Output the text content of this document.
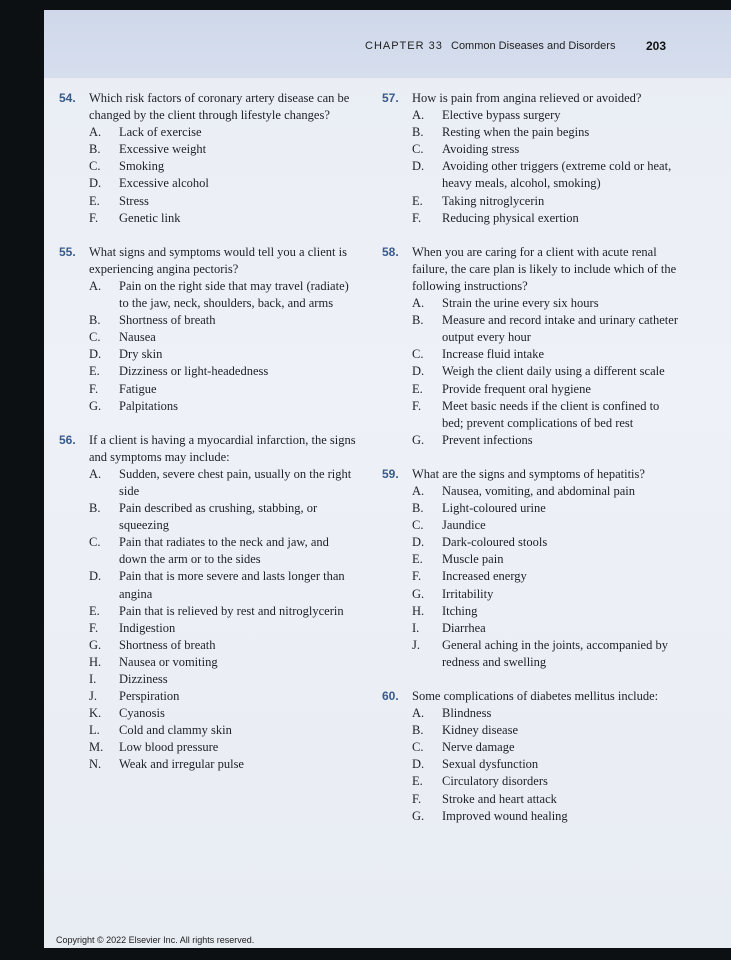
CHAPTER 33 Common Diseases and Disorders	203
54.	Which risk factors of coronary artery disease can be changed by the client through lifestyle changes?
A.	Lack of exercise
B.	Excessive weight
C.	Smoking
D.	Excessive alcohol
E.	Stress
F.	Genetic link
55.	What signs and symptoms would tell you a client is experiencing angina pectoris?
A.	Pain on the right side that may travel (radiate) to the jaw, neck, shoulders, back, and arms
B.	Shortness of breath
C.	Nausea
D.	Dry skin
E.	Dizziness or light-headedness
F.	Fatigue
G.	Palpitations
56.	If a client is having a myocardial infarction, the signs and symptoms may include:
A.	Sudden, severe chest pain, usually on the right side
B.	Pain described as crushing, stabbing, or squeezing
C.	Pain that radiates to the neck and jaw, and down the arm or to the sides
D.	Pain that is more severe and lasts longer than angina
E.	Pain that is relieved by rest and nitroglycerin
F.	Indigestion
G.	Shortness of breath
H.	Nausea or vomiting
I.	Dizziness
J.	Perspiration
K.	Cyanosis
L.	Cold and clammy skin
M.	Low blood pressure
N.	Weak and irregular pulse
57.	How is pain from angina relieved or avoided?
A.	Elective bypass surgery
B.	Resting when the pain begins
C.	Avoiding stress
D.	Avoiding other triggers (extreme cold or heat, heavy meals, alcohol, smoking)
E.	Taking nitroglycerin
F.	Reducing physical exertion
58.	When you are caring for a client with acute renal failure, the care plan is likely to include which of the following instructions?
A.	Strain the urine every six hours
B.	Measure and record intake and urinary catheter output every hour
C.	Increase fluid intake
D.	Weigh the client daily using a different scale
E.	Provide frequent oral hygiene
F.	Meet basic needs if the client is confined to bed; prevent complications of bed rest
G.	Prevent infections
59.	What are the signs and symptoms of hepatitis?
A.	Nausea, vomiting, and abdominal pain
B.	Light-coloured urine
C.	Jaundice
D.	Dark-coloured stools
E.	Muscle pain
F.	Increased energy
G.	Irritability
H.	Itching
I.	Diarrhea
J.	General aching in the joints, accompanied by redness and swelling
60.	Some complications of diabetes mellitus include:
A.	Blindness
B.	Kidney disease
C.	Nerve damage
D.	Sexual dysfunction
E.	Circulatory disorders
F.	Stroke and heart attack
G.	Improved wound healing
Copyright © 2022 Elsevier Inc. All rights reserved.
